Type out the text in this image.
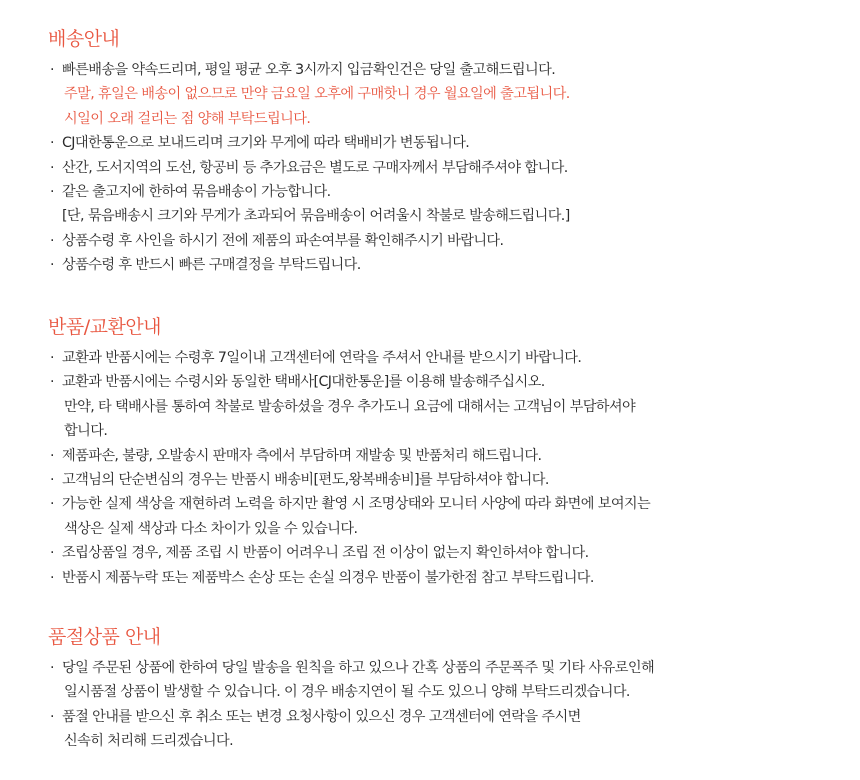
배송안내
· 빠른배송을 약속드리며, 평일 평균 오후 3시까지 입금확인건은 당일 출고해드립니다.
주말, 휴일은 배송이 없으므로 만약 금요일 오후에 구매핫니 경우 월요일에 출고됩니다.
시일이 오래 걸리는 점 양해 부탁드립니다.
· CJ대한통운으로 보내드리며 크기와 무게에 따라 택배비가 변동됩니다.
· 산간, 도서지역의 도선, 항공비 등 추가요금은 별도로 구매자께서 부담해주셔야 합니다.
· 같은 출고지에 한하여 묶음배송이 가능합니다.
[단, 묶음배송시 크기와 무게가 초과되어 묶음배송이 어려울시 착불로 발송해드립니다.]
· 상품수령 후 사인을 하시기 전에 제품의 파손여부를 확인해주시기 바랍니다.
· 상품수령 후 반드시 빠른 구매결정을 부탁드립니다.
반품/교환안내
· 교환과 반품시에는 수령후 7일이내 고객센터에 연락을 주셔서 안내를 받으시기 바랍니다.
· 교환과 반품시에는 수령시와 동일한 택배사[CJ대한통운]를 이용해 발송해주십시오.
만약, 타 택배사를 통하여 착불로 발송하셨을 경우 추가도니 요금에 대해서는 고객님이 부담하셔야
합니다.
· 제품파손, 불량, 오발송시 판매자 측에서 부담하며 재발송 및 반품처리 해드립니다.
· 고객님의 단순변심의 경우는 반품시 배송비[편도,왕복배송비]를 부담하셔야 합니다.
· 가능한 실제 색상을 재현하려 노력을 하지만 촬영 시 조명상태와 모니터 사양에 따라 화면에 보여지는
색상은 실제 색상과 다소 차이가 있을 수 있습니다.
· 조립상품일 경우, 제품 조립 시 반품이 어려우니 조립 전 이상이 없는지 확인하셔야 합니다.
· 반품시 제품누락 또는 제품박스 손상 또는 손실 의경우 반품이 불가한점 참고 부탁드립니다.
품절상품 안내
· 당일 주문된 상품에 한하여 당일 발송을 원칙을 하고 있으나 간혹 상품의 주문폭주 및 기타 사유로인해
일시품절 상품이 발생할 수 있습니다. 이 경우 배송지연이 될 수도 있으니 양해 부탁드리겠습니다.
· 품절 안내를 받으신 후 취소 또는 변경 요청사항이 있으신 경우 고객센터에 연락을 주시면
신속히 처리해 드리겠습니다.
